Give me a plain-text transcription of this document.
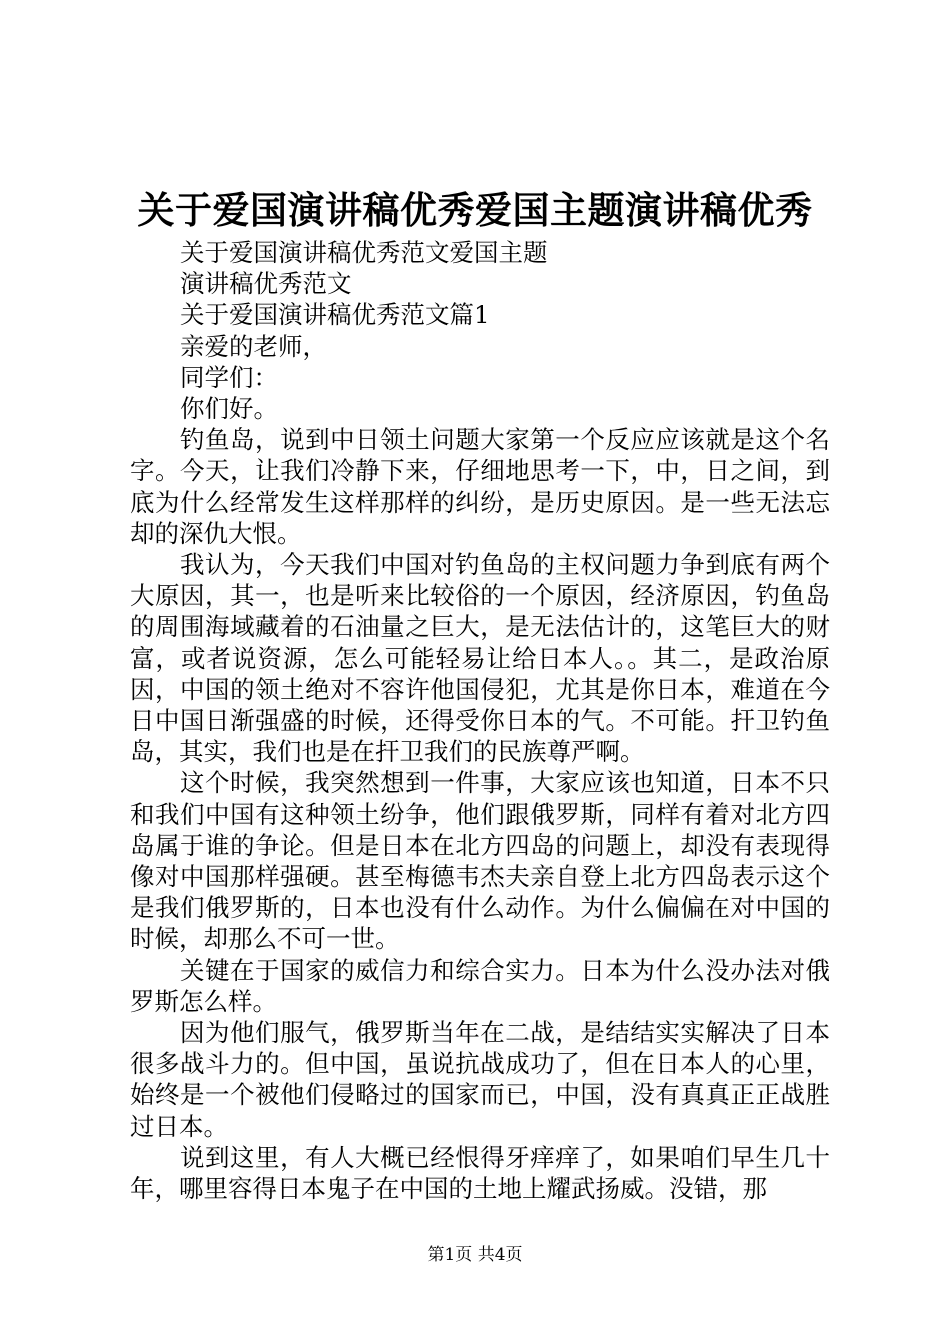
关于爱国演讲稿优秀爱国主题演讲稿优秀
关于爱国演讲稿优秀范文爱国主题
演讲稿优秀范文
关于爱国演讲稿优秀范文篇1
亲爱的老师，
同学们：
你们好。

钓鱼岛，说到中日领土问题大家第一个反应应该就是这个名字。今天，让我们冷静下来，仔细地思考一下，中，日之间，到底为什么经常发生这样那样的纠纷，是历史原因。是一些无法忘却的深仇大恨。

我认为，今天我们中国对钓鱼岛的主权问题力争到底有两个大原因，其一，也是听来比较俗的一个原因，经济原因，钓鱼岛的周围海域藏着的石油量之巨大，是无法估计的，这笔巨大的财富，或者说资源，怎么可能轻易让给日本人。。其二，是政治原因，中国的领土绝对不容许他国侵犯，尤其是你日本，难道在今日中国日渐强盛的时候，还得受你日本的气。不可能。扞卫钓鱼岛，其实，我们也是在扞卫我们的民族尊严啊。

这个时候，我突然想到一件事，大家应该也知道，日本不只和我们中国有这种领土纷争，他们跟俄罗斯，同样有着对北方四岛属于谁的争论。但是日本在北方四岛的问题上，却没有表现得像对中国那样强硬。甚至梅德韦杰夫亲自登上北方四岛表示这个是我们俄罗斯的，日本也没有什么动作。为什么偏偏在对中国的时候，却那么不可一世。

关键在于国家的威信力和综合实力。日本为什么没办法对俄罗斯怎么样。

因为他们服气，俄罗斯当年在二战，是结结实实解决了日本很多战斗力的。但中国，虽说抗战成功了，但在日本人的心里，始终是一个被他们侵略过的国家而已，中国，没有真真正正战胜过日本。

说到这里，有人大概已经恨得牙痒痒了，如果咱们早生几十年，哪里容得日本鬼子在中国的土地上耀武扬威。没错，那

第1页 共4页
